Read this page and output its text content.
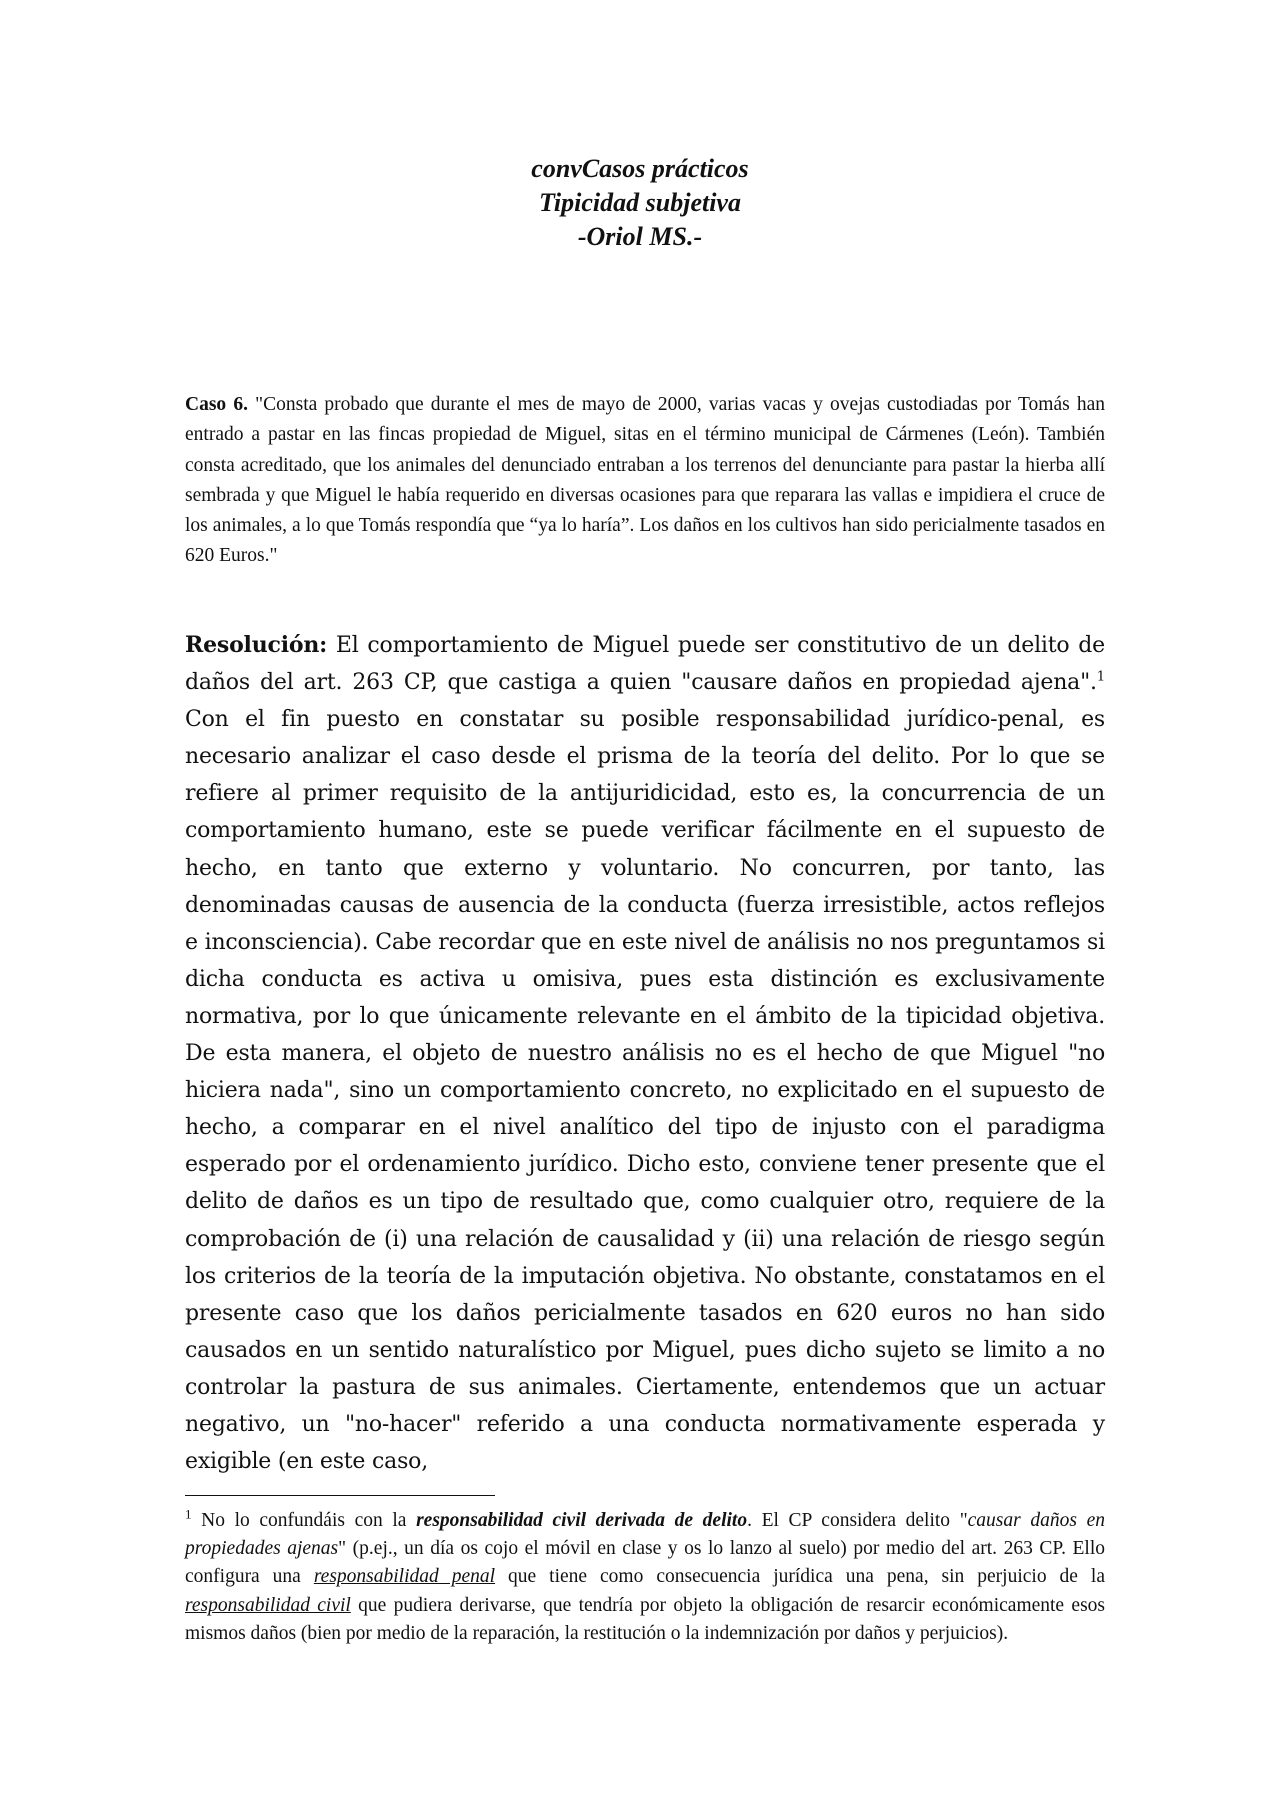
convCasos prácticos
Tipicidad subjetiva
-Oriol MS.-
Caso 6. "Consta probado que durante el mes de mayo de 2000, varias vacas y ovejas custodiadas por Tomás han entrado a pastar en las fincas propiedad de Miguel, sitas en el término municipal de Cármenes (León). También consta acreditado, que los animales del denunciado entraban a los terrenos del denunciante para pastar la hierba allí sembrada y que Miguel le había requerido en diversas ocasiones para que reparara las vallas e impidiera el cruce de los animales, a lo que Tomás respondía que “ya lo haría”. Los daños en los cultivos han sido pericialmente tasados en 620 Euros."
Resolución: El comportamiento de Miguel puede ser constitutivo de un delito de daños del art. 263 CP, que castiga a quien "causare daños en propiedad ajena".$^1$ Con el fin puesto en constatar su posible responsabilidad jurídico-penal, es necesario analizar el caso desde el prisma de la teoría del delito. Por lo que se refiere al primer requisito de la antijuridicidad, esto es, la concurrencia de un comportamiento humano, este se puede verificar fácilmente en el supuesto de hecho, en tanto que externo y voluntario. No concurren, por tanto, las denominadas causas de ausencia de la conducta (fuerza irresistible, actos reflejos e inconsciencia). Cabe recordar que en este nivel de análisis no nos preguntamos si dicha conducta es activa u omisiva, pues esta distinción es exclusivamente normativa, por lo que únicamente relevante en el ámbito de la tipicidad objetiva. De esta manera, el objeto de nuestro análisis no es el hecho de que Miguel "no hiciera nada", sino un comportamiento concreto, no explicitado en el supuesto de hecho, a comparar en el nivel analítico del tipo de injusto con el paradigma esperado por el ordenamiento jurídico. Dicho esto, conviene tener presente que el delito de daños es un tipo de resultado que, como cualquier otro, requiere de la comprobación de (i) una relación de causalidad y (ii) una relación de riesgo según los criterios de la teoría de la imputación objetiva. No obstante, constatamos en el presente caso que los daños pericialmente tasados en 620 euros no han sido causados en un sentido naturalístico por Miguel, pues dicho sujeto se limito a no controlar la pastura de sus animales. Ciertamente, entendemos que un actuar negativo, un "no-hacer" referido a una conducta normativamente esperada y exigible (en este caso,
$^1$ No lo confundáis con la responsabilidad civil derivada de delito. El CP considera delito "causar daños en propiedades ajenas" (p.ej., un día os cojo el móvil en clase y os lo lanzo al suelo) por medio del art. 263 CP. Ello configura una responsabilidad penal que tiene como consecuencia jurídica una pena, sin perjuicio de la responsabilidad civil que pudiera derivarse, que tendría por objeto la obligación de resarcir económicamente esos mismos daños (bien por medio de la reparación, la restitución o la indemnización por daños y perjuicios).
